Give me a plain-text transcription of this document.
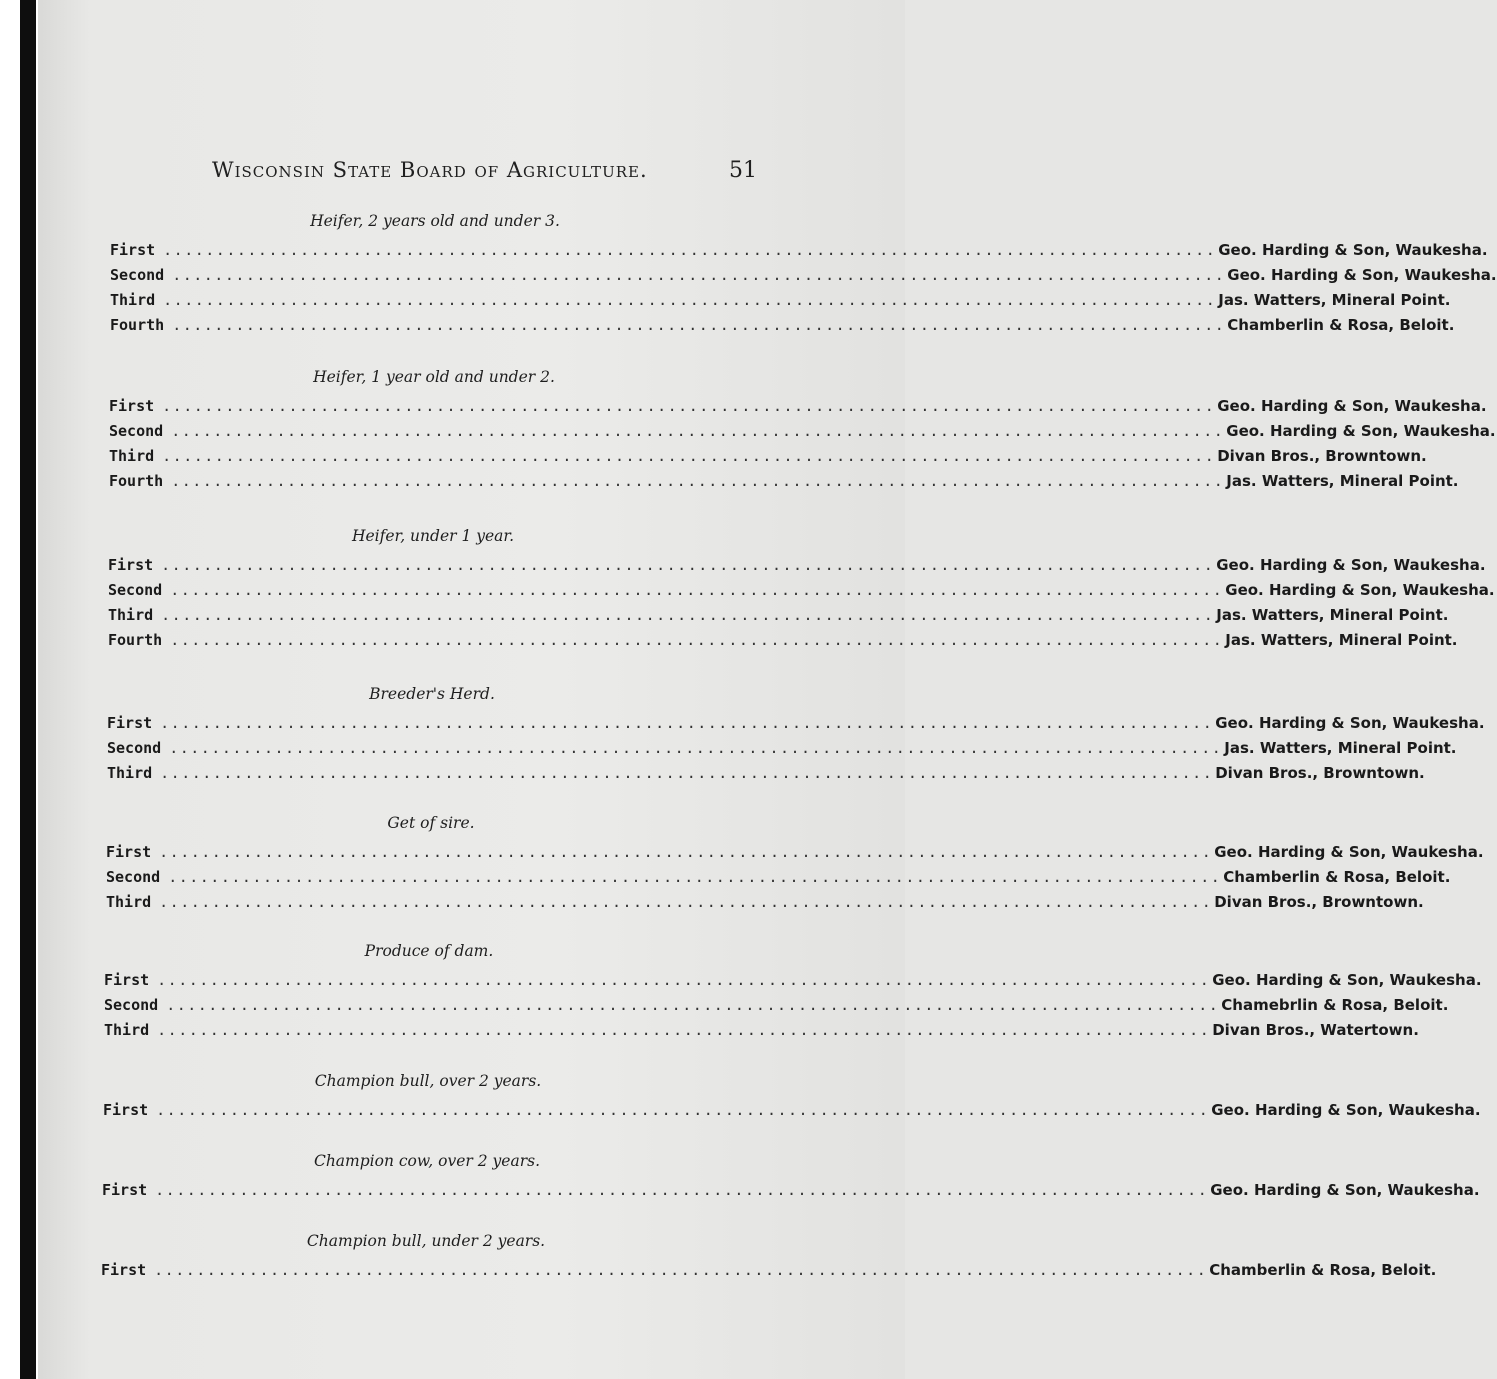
Wisconsin State Board of Agriculture.	51
Heifer, 2 years old and under 3.
First .................................................................................................... Geo. Harding & Son, Waukesha.
Second .................................................................................................... Geo. Harding & Son, Waukesha.
Third .................................................................................................... Jas. Watters, Mineral Point.
Fourth .................................................................................................... Chamberlin & Rosa, Beloit.
Heifer, 1 year old and under 2.
First .................................................................................................... Geo. Harding & Son, Waukesha.
Second .................................................................................................... Geo. Harding & Son, Waukesha.
Third .................................................................................................... Divan Bros., Browntown.
Fourth .................................................................................................... Jas. Watters, Mineral Point.
Heifer, under 1 year.
First .................................................................................................... Geo. Harding & Son, Waukesha.
Second .................................................................................................... Geo. Harding & Son, Waukesha.
Third .................................................................................................... Jas. Watters, Mineral Point.
Fourth .................................................................................................... Jas. Watters, Mineral Point.
Breeder's Herd.
First .................................................................................................... Geo. Harding & Son, Waukesha.
Second .................................................................................................... Jas. Watters, Mineral Point.
Third .................................................................................................... Divan Bros., Browntown.
Get of sire.
First .................................................................................................... Geo. Harding & Son, Waukesha.
Second .................................................................................................... Chamberlin & Rosa, Beloit.
Third .................................................................................................... Divan Bros., Browntown.
Produce of dam.
First .................................................................................................... Geo. Harding & Son, Waukesha.
Second .................................................................................................... Chamebrlin & Rosa, Beloit.
Third .................................................................................................... Divan Bros., Watertown.
Champion bull, over 2 years.
First .................................................................................................... Geo. Harding & Son, Waukesha.
Champion cow, over 2 years.
First .................................................................................................... Geo. Harding & Son, Waukesha.
Champion bull, under 2 years.
First .................................................................................................... Chamberlin & Rosa, Beloit.
